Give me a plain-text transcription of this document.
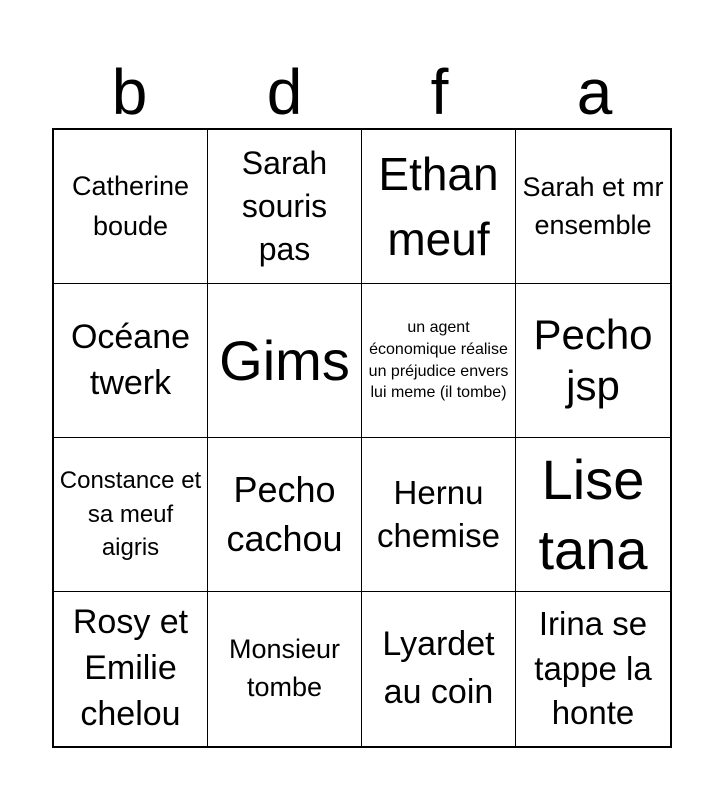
b	d	f	a
Catherine boude
Sarah souris pas
Ethan meuf
Sarah et mr ensemble
Océane twerk Gims
un agent économique réalise un préjudice envers lui meme (il tombe)
Pecho jsp
Constance et sa meuf aigris
Pecho cachou
Hernu chemise
Lise tana
Rosy et Emilie chelou
Monsieur tombe
Lyardet au coin
Irina se tappe la honte
